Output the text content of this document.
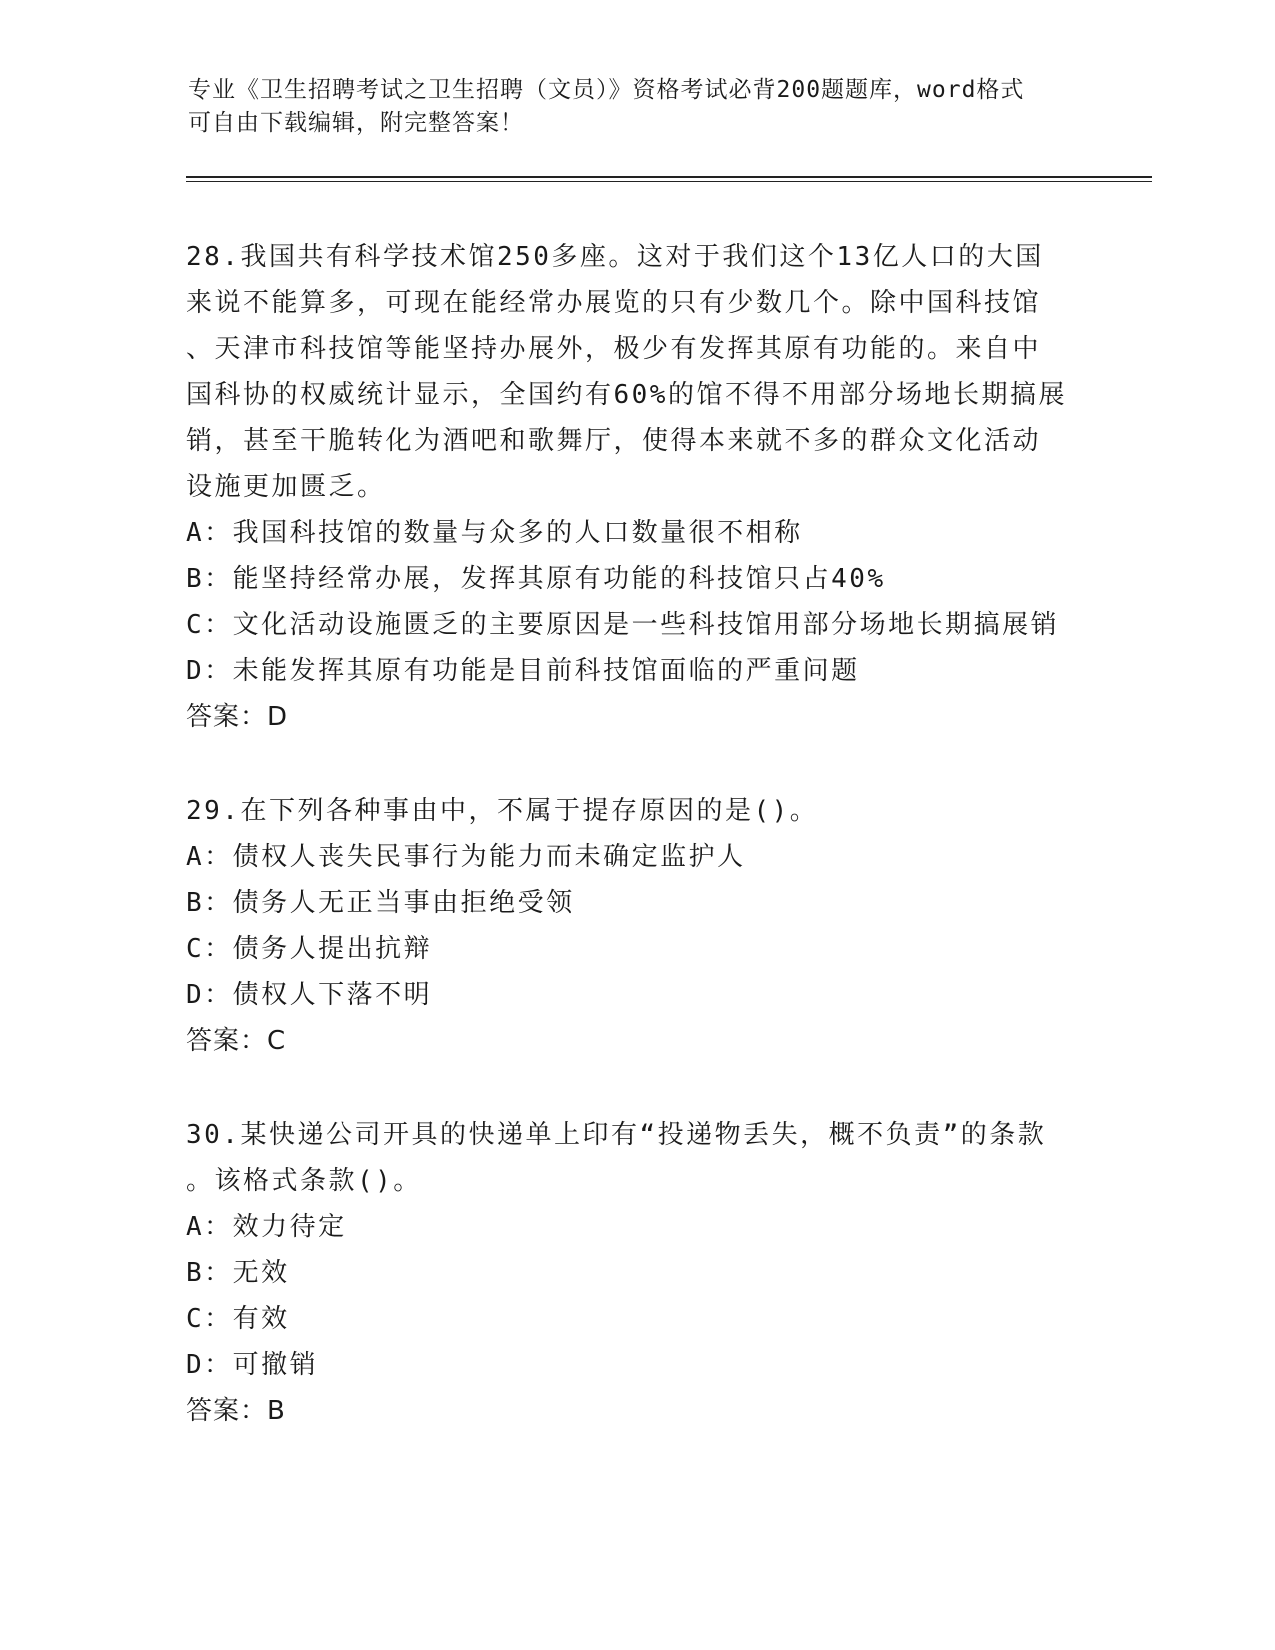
专业《卫生招聘考试之卫生招聘（文员）》资格考试必背200题题库，word格式
可自由下载编辑，附完整答案！
28.我国共有科学技术馆250多座。这对于我们这个13亿人口的大国
来说不能算多，可现在能经常办展览的只有少数几个。除中国科技馆
、天津市科技馆等能坚持办展外，极少有发挥其原有功能的。来自中
国科协的权威统计显示，全国约有60%的馆不得不用部分场地长期搞展
销，甚至干脆转化为酒吧和歌舞厅，使得本来就不多的群众文化活动
设施更加匮乏。
A：我国科技馆的数量与众多的人口数量很不相称
B：能坚持经常办展，发挥其原有功能的科技馆只占40%
C：文化活动设施匮乏的主要原因是一些科技馆用部分场地长期搞展销
D：未能发挥其原有功能是目前科技馆面临的严重问题
答案：D
29.在下列各种事由中，不属于提存原因的是()。
A：债权人丧失民事行为能力而未确定监护人
B：债务人无正当事由拒绝受领
C：债务人提出抗辩
D：债权人下落不明
答案：C
30.某快递公司开具的快递单上印有“投递物丢失，概不负责”的条款
。该格式条款()。
A：效力待定
B：无效
C：有效
D：可撤销
答案：B
